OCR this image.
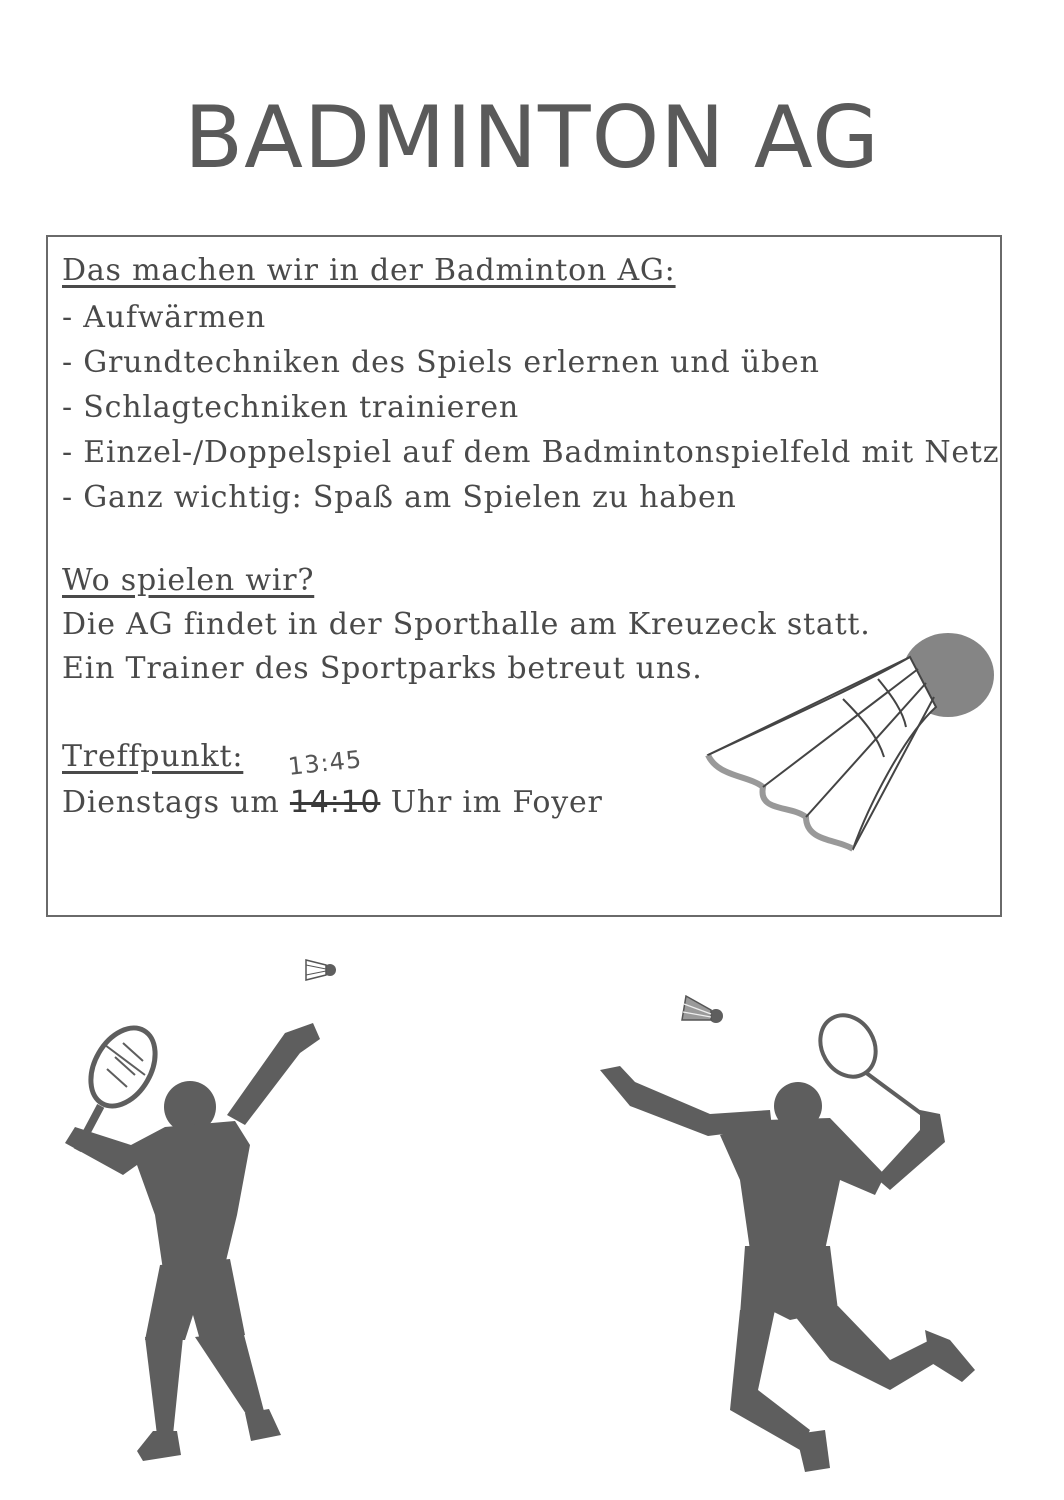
BADMINTON AG
Das machen wir in der Badminton AG:
- Aufwärmen
- Grundtechniken des Spiels erlernen und üben
- Schlagtechniken trainieren
- Einzel-/Doppelspiel auf dem Badmintonspielfeld mit Netz
- Ganz wichtig: Spaß am Spielen zu haben
Wo spielen wir?
Die AG findet in der Sporthalle am Kreuzeck statt.
Ein Trainer des Sportparks betreut uns.
Treffpunkt: 13:45
Dienstags um 14:10 Uhr im Foyer
